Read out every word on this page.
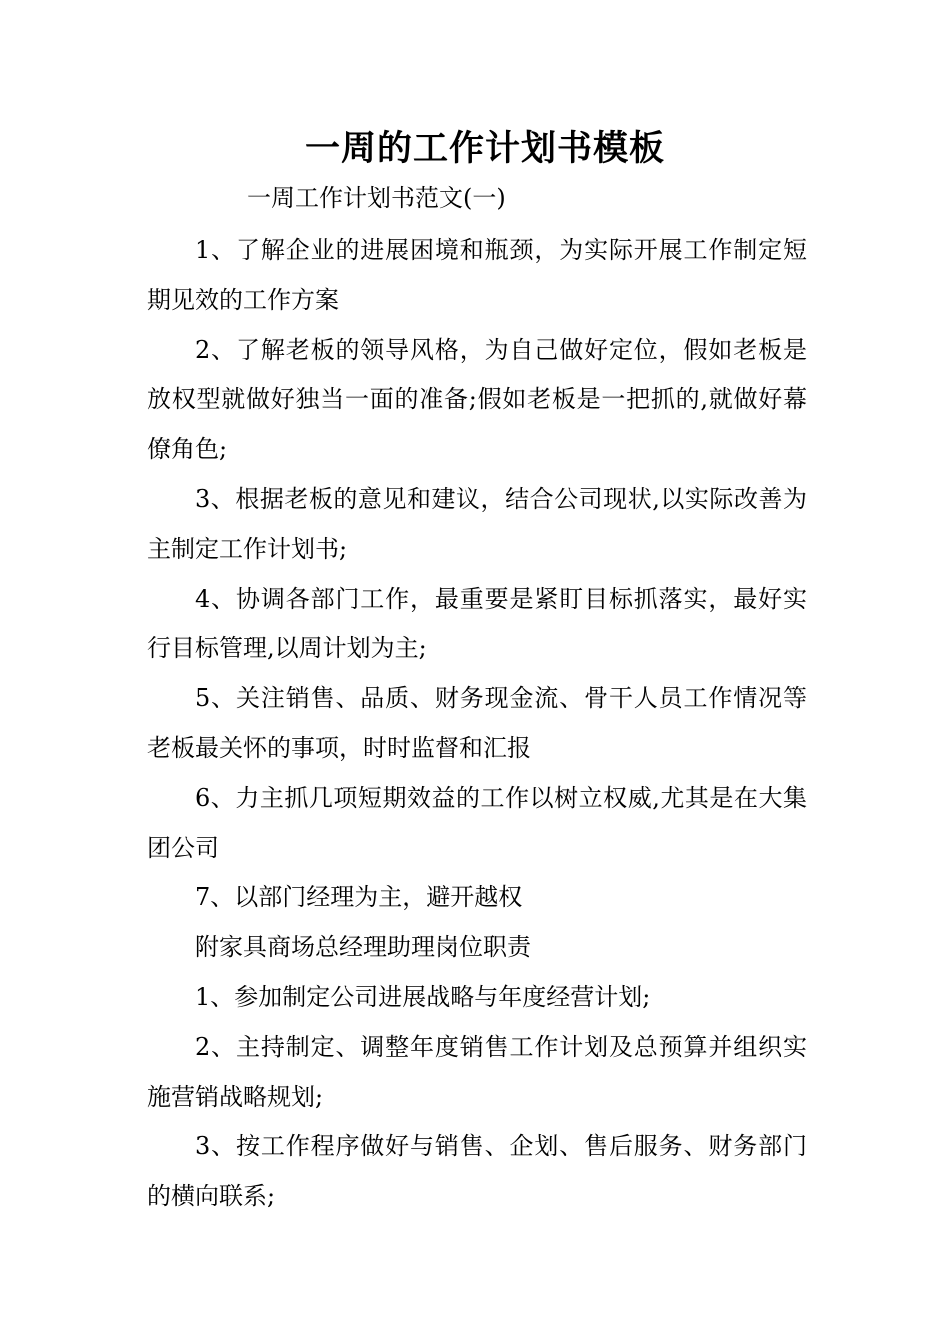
一周的工作计划书模板
一周工作计划书范文(一)

1、了解企业的进展困境和瓶颈，为实际开展工作制定短期见效的工作方案

2、了解老板的领导风格，为自己做好定位，假如老板是放权型就做好独当一面的准备;假如老板是一把抓的,就做好幕僚角色;

3、根据老板的意见和建议，结合公司现状,以实际改善为主制定工作计划书;

4、协调各部门工作，最重要是紧盯目标抓落实，最好实行目标管理,以周计划为主;

5、关注销售、品质、财务现金流、骨干人员工作情况等老板最关怀的事项，时时监督和汇报

6、力主抓几项短期效益的工作以树立权威,尤其是在大集团公司

7、以部门经理为主，避开越权

附家具商场总经理助理岗位职责

1、参加制定公司进展战略与年度经营计划;

2、主持制定、调整年度销售工作计划及总预算并组织实施营销战略规划;

3、按工作程序做好与销售、企划、售后服务、财务部门的横向联系;
